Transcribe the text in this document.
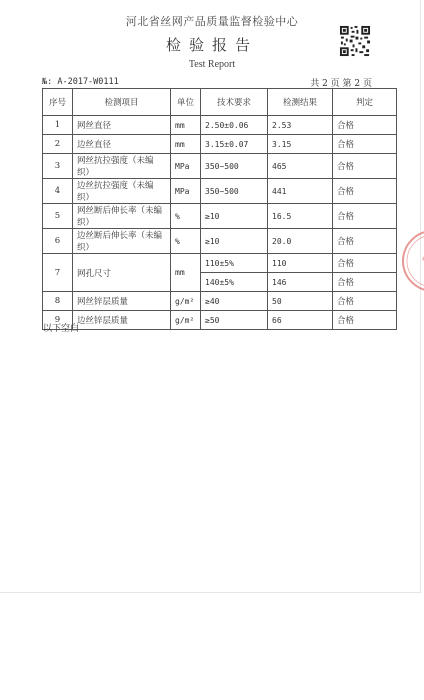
河北省丝网产品质量监督检验中心
检验报告
Test Report
№: A-2017-W0111	共 2 页 第 2 页
序号	检测项目	单位	技术要求	检测结果	判定
1	网丝直径	mm	2.50±0.06	2.53	合格
2	边丝直径	mm	3.15±0.07	3.15	合格
3	网丝抗拉强度（未编织）	MPa	350~500	465	合格
4	边丝抗拉强度（未编织）	MPa	350~500	441	合格
5	网丝断后伸长率（未编织）	%	≥10	16.5	合格
6	边丝断后伸长率（未编织）	%	≥10	20.0	合格
7	网孔尺寸	mm	110±5%	110	合格
			140±5%	146	合格
8	网丝锌层质量	g/m²	≥40	50	合格
9	边丝锌层质量	g/m²	≥50	66	合格
以下空白
